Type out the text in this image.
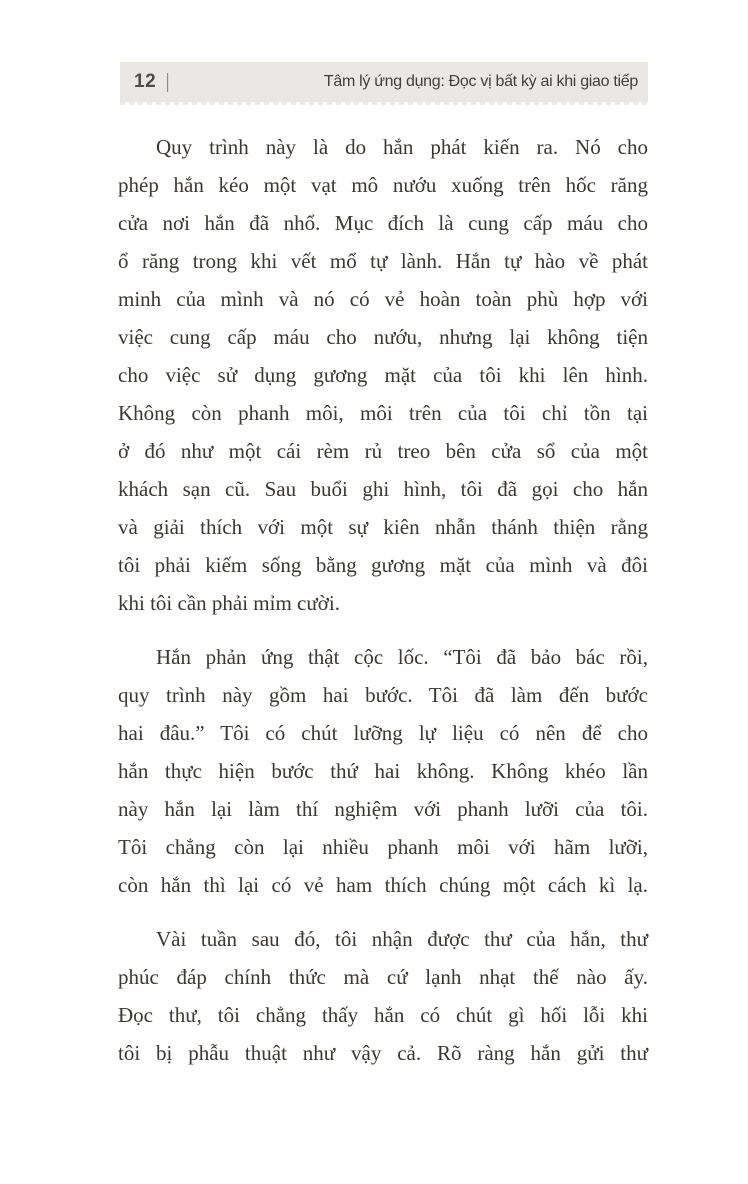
12 |	Tâm lý ứng dụng: Đọc vị bất kỳ ai khi giao tiếp
Quy trình này là do hắn phát kiến ra. Nó cho
phép hắn kéo một vạt mô nướu xuống trên hốc răng
cửa nơi hắn đã nhổ. Mục đích là cung cấp máu cho
ổ răng trong khi vết mổ tự lành. Hắn tự hào về phát
minh của mình và nó có vẻ hoàn toàn phù hợp với
việc cung cấp máu cho nướu, nhưng lại không tiện
cho việc sử dụng gương mặt của tôi khi lên hình.
Không còn phanh môi, môi trên của tôi chỉ tồn tại
ở đó như một cái rèm rủ treo bên cửa sổ của một
khách sạn cũ. Sau buổi ghi hình, tôi đã gọi cho hắn
và giải thích với một sự kiên nhẫn thánh thiện rằng
tôi phải kiếm sống bằng gương mặt của mình và đôi
khi tôi cần phải mỉm cười.
Hắn phản ứng thật cộc lốc. “Tôi đã bảo bác rồi,
quy trình này gồm hai bước. Tôi đã làm đến bước
hai đâu.” Tôi có chút lưỡng lự liệu có nên để cho
hắn thực hiện bước thứ hai không. Không khéo lần
này hắn lại làm thí nghiệm với phanh lưỡi của tôi.
Tôi chẳng còn lại nhiều phanh môi với hãm lưỡi,
còn hắn thì lại có vẻ ham thích chúng một cách kì lạ.
Vài tuần sau đó, tôi nhận được thư của hắn, thư
phúc đáp chính thức mà cứ lạnh nhạt thế nào ấy.
Đọc thư, tôi chẳng thấy hắn có chút gì hối lỗi khi
tôi bị phẫu thuật như vậy cả. Rõ ràng hắn gửi thư
